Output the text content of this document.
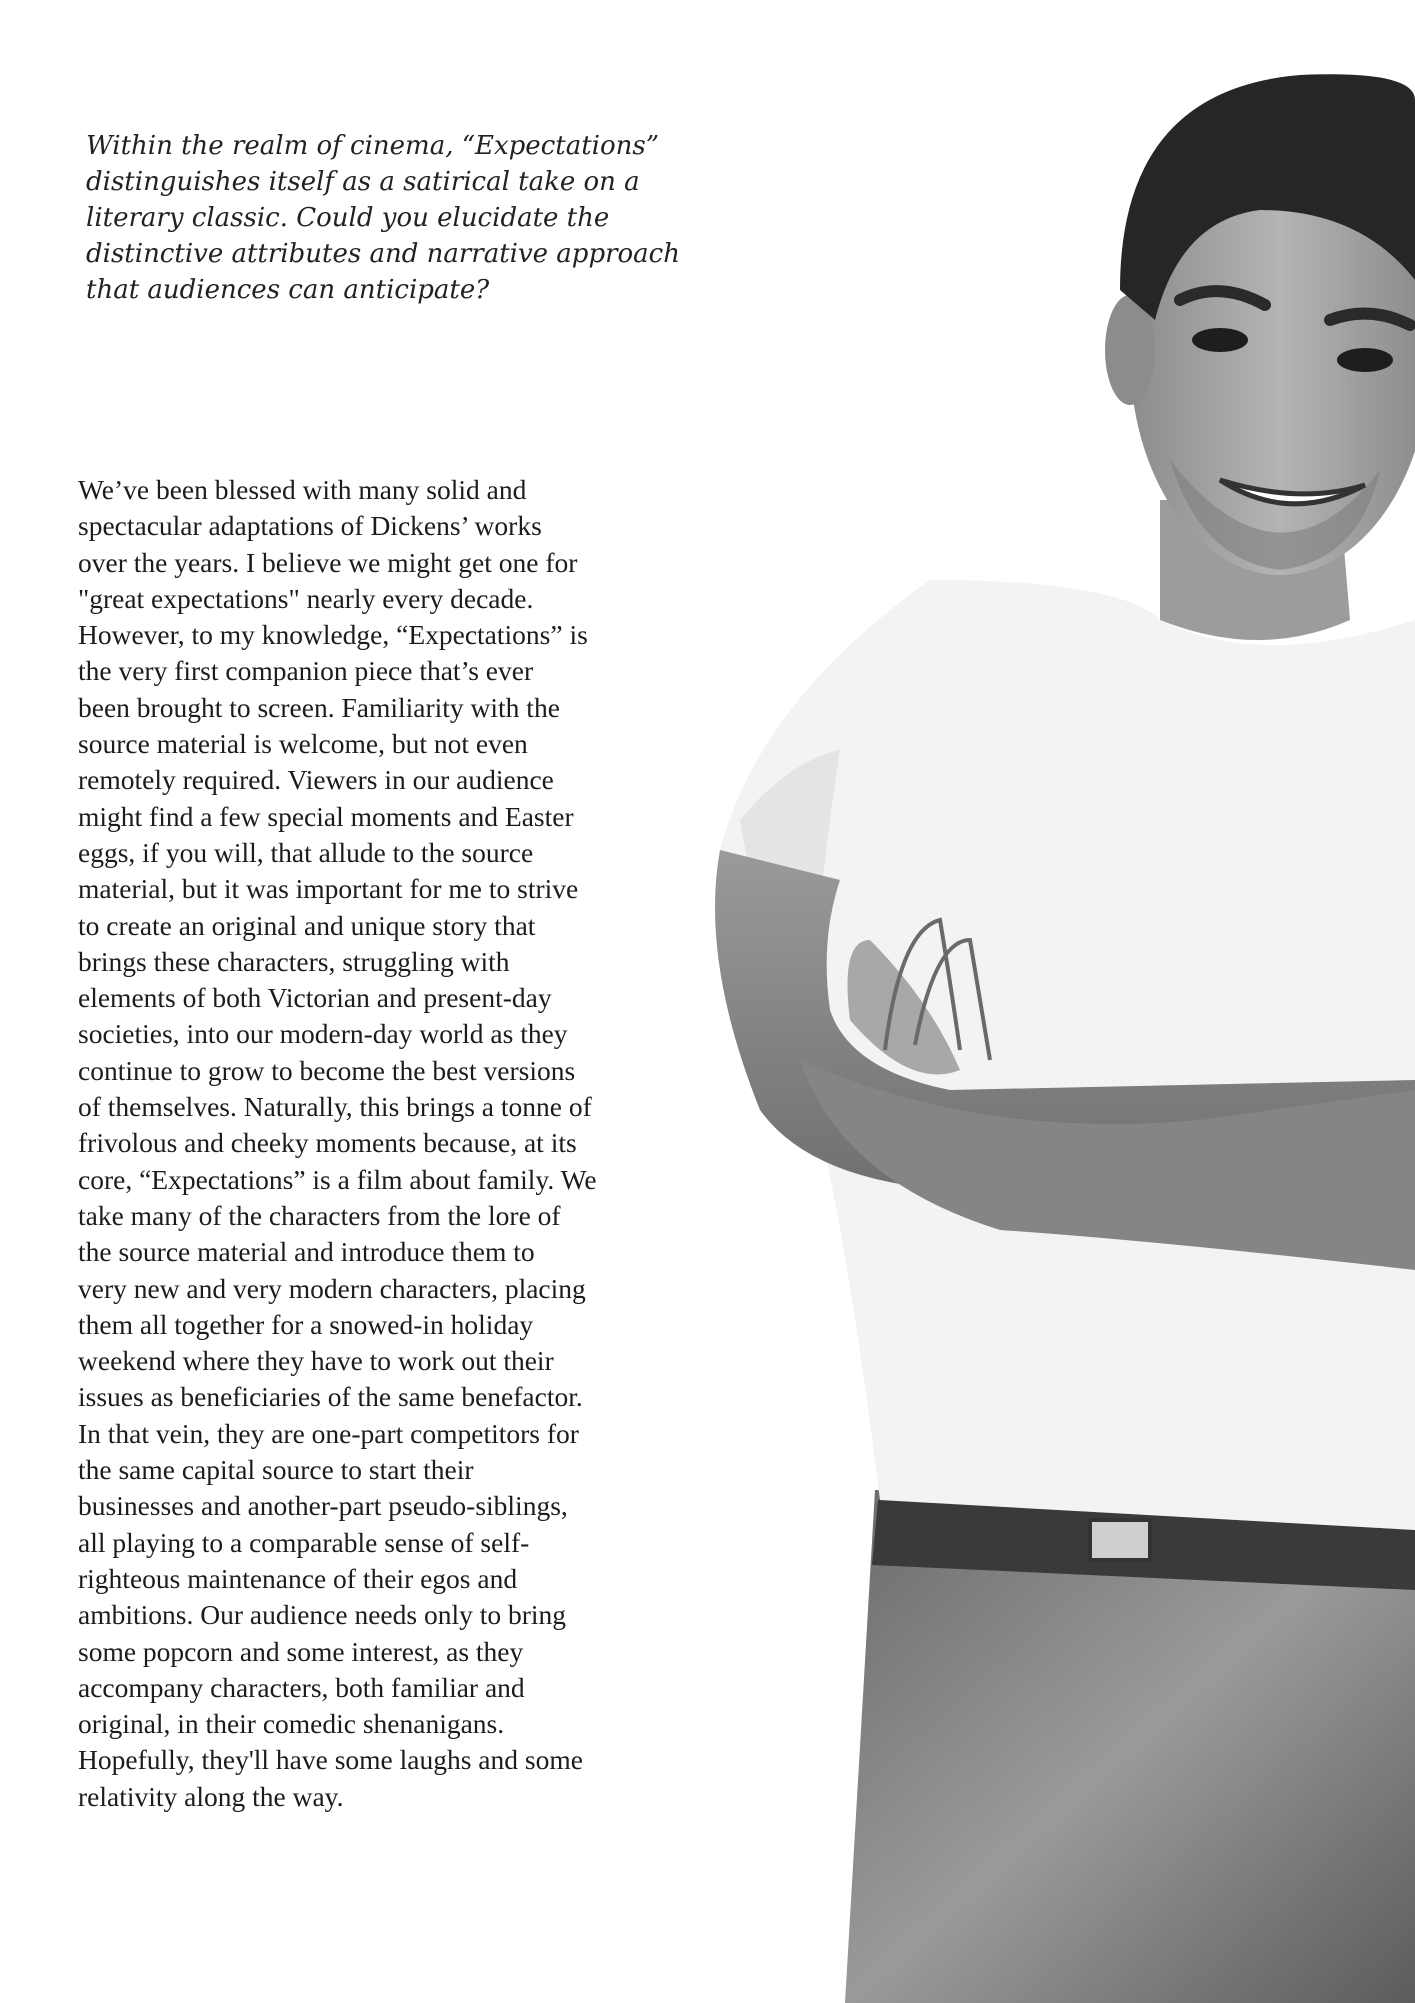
Within the realm of cinema, “Expectations”
distinguishes itself as a satirical take on a
literary classic. Could you elucidate the
distinctive attributes and narrative approach
that audiences can anticipate?
We’ve been blessed with many solid and
spectacular adaptations of Dickens’ works
over the years. I believe we might get one for
"great expectations" nearly every decade.
However, to my knowledge, “Expectations” is
the very first companion piece that’s ever
been brought to screen. Familiarity with the
source material is welcome, but not even
remotely required. Viewers in our audience
might find a few special moments and Easter
eggs, if you will, that allude to the source
material, but it was important for me to strive
to create an original and unique story that
brings these characters, struggling with
elements of both Victorian and present-day
societies, into our modern-day world as they
continue to grow to become the best versions
of themselves. Naturally, this brings a tonne of
frivolous and cheeky moments because, at its
core, “Expectations” is a film about family. We
take many of the characters from the lore of
the source material and introduce them to
very new and very modern characters, placing
them all together for a snowed-in holiday
weekend where they have to work out their
issues as beneficiaries of the same benefactor.
In that vein, they are one-part competitors for
the same capital source to start their
businesses and another-part pseudo-siblings,
all playing to a comparable sense of self-
righteous maintenance of their egos and
ambitions. Our audience needs only to bring
some popcorn and some interest, as they
accompany characters, both familiar and
original, in their comedic shenanigans.
Hopefully, they'll have some laughs and some
relativity along the way.
